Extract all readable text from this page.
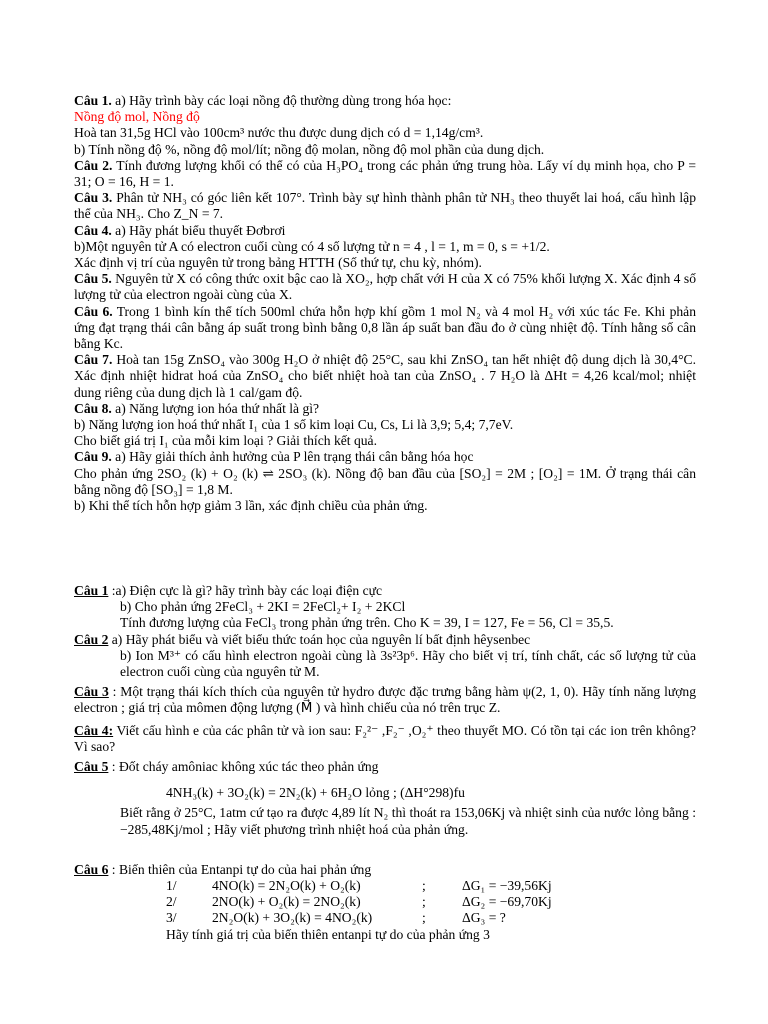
Câu 1. a) Hãy trình bày các loại nồng độ thường dùng trong hóa học:

Nồng độ mol, Nồng độ

Hoà tan 31,5g HCl vào 100cm³ nước thu được dung dịch có d = 1,14g/cm³.

b) Tính nồng độ %, nồng độ mol/lít; nồng độ molan, nồng độ mol phần của dung dịch.

Câu 2. Tính đương lượng khối có thể có của H₃PO₄ trong các phản ứng trung hòa. Lấy ví dụ minh họa, cho P = 31; O = 16, H = 1.

Câu 3. Phân tử NH₃ có góc liên kết 107°. Trình bày sự hình thành phân tử NH₃ theo thuyết lai hoá, cấu hình lập thể của NH₃. Cho Z_N = 7.

Câu 4. a) Hãy phát biểu thuyết Đơbrơi

b)Một nguyên tử A có electron cuối cùng có 4 số lượng tử n = 4 , l = 1, m = 0, s = +1/2.

Xác định vị trí của nguyên tử trong bảng HTTH (Số thứ tự, chu kỳ, nhóm).

Câu 5. Nguyên tử X có công thức oxit bậc cao là XO₂, hợp chất với H của X có 75% khối lượng X. Xác định 4 số lượng tử của electron ngoài cùng của X.

Câu 6. Trong 1 bình kín thể tích 500ml chứa hỗn hợp khí gồm 1 mol N₂ và 4 mol H₂ với xúc tác Fe. Khi phản ứng đạt trạng thái cân bằng áp suất trong bình bằng 0,8 lần áp suất ban đầu đo ở cùng nhiệt độ. Tính hằng số cân bằng Kc.

Câu 7. Hoà tan 15g ZnSO₄ vào 300g H₂O ở nhiệt độ 25°C, sau khi ZnSO₄ tan hết nhiệt độ dung dịch là 30,4°C. Xác định nhiệt hidrat hoá của ZnSO₄ cho biết nhiệt hoà tan của ZnSO₄ . 7 H₂O là ΔHt = 4,26 kcal/mol; nhiệt dung riêng của dung dịch là 1 cal/gam độ.

Câu 8. a) Năng lượng ion hóa thứ nhất là gì?

b) Năng lượng ion hoá thứ nhất I₁ của 1 số kim loại Cu, Cs, Li là 3,9; 5,4; 7,7eV.

Cho biết giá trị I₁ của mỗi kim loại ? Giải thích kết quả.

Câu 9. a) Hãy giải thích ảnh hưởng của P lên trạng thái cân bằng hóa học

Cho phản ứng 2SO₂ (k) + O₂ (k) ⇌ 2SO₃ (k). Nồng độ ban đầu của [SO₂] = 2M ; [O₂] = 1M. Ở trạng thái cân bằng nồng độ [SO₃] = 1,8 M.

b) Khi thể tích hỗn hợp giảm 3 lần, xác định chiều của phản ứng.

Câu 1 :a) Điện cực là gì? hãy trình bày các loại điện cực

b) Cho phản ứng 2FeCl₃ + 2KI = 2FeCl₂+ I₂ + 2KCl

Tính đương lượng của FeCl₃ trong phản ứng trên. Cho K = 39, I = 127, Fe = 56, Cl = 35,5.

Câu 2 a) Hãy phát biểu và viết biểu thức toán học của nguyên lí bất định hêysenbec

b) Ion M³⁺ có cấu hình electron ngoài cùng là 3s²3p⁶. Hãy cho biết vị trí, tính chất, các số lượng tử của electron cuối cùng của nguyên tử M.

Câu 3 : Một trạng thái kích thích của nguyên tử hydro được đặc trưng bằng hàm ψ(2, 1, 0). Hãy tính năng lượng electron ; giá trị của mômen động lượng (M⃗ ) và hình chiếu của nó trên trục Z.

Câu 4: Viết cấu hình e của các phân tử và ion sau: F₂²⁻ ,F₂⁻ ,O₂⁺ theo thuyết MO. Có tồn tại các ion trên không? Vì sao?

Câu 5 : Đốt cháy amôniac không xúc tác theo phản ứng

4NH₃(k) + 3O₂(k) = 2N₂(k) + 6H₂O lỏng ; (ΔH°298)fu

Biết rằng ở 25°C, 1atm cứ tạo ra được 4,89 lít N₂ thì thoát ra 153,06Kj và nhiệt sinh của nước lỏng bằng : −285,48Kj/mol ; Hãy viết phương trình nhiệt hoá của phản ứng.

Câu 6 : Biến thiên của Entanpi tự do của hai phản ứng

1/	4NO(k) = 2N₂O(k) + O₂(k)	;	ΔG₁ = −39,56Kj
2/	2NO(k) + O₂(k) = 2NO₂(k)	;	ΔG₂ = −69,70Kj
3/	2N₂O(k) + 3O₂(k) = 4NO₂(k)	;	ΔG₃ = ?

Hãy tính giá trị của biến thiên entanpi tự do của phản ứng 3
